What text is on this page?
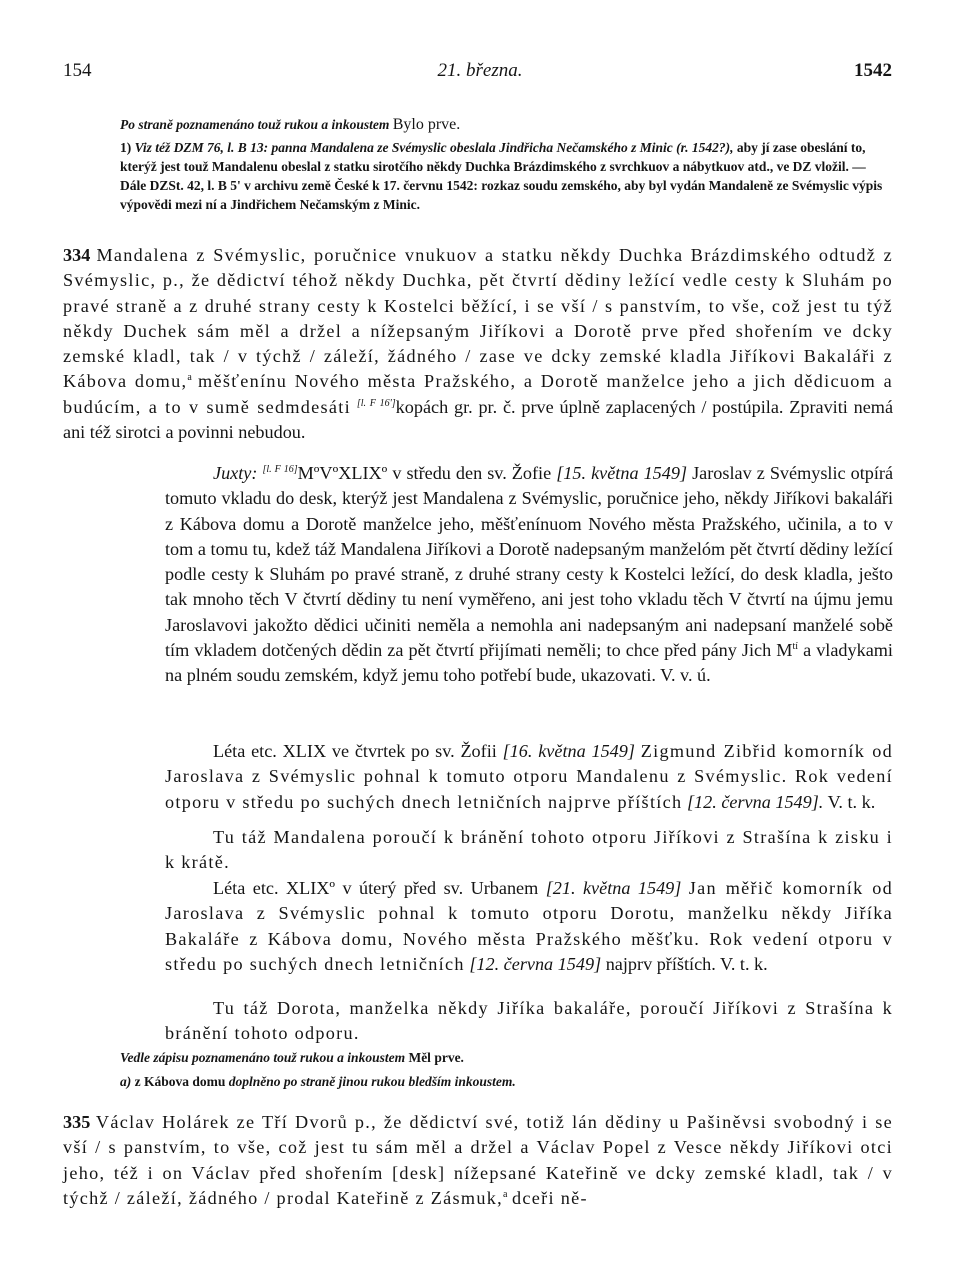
154	21. března.	1542
Po straně poznamenáno touž rukou a inkoustem Bylo prve.
1) Viz též DZM 76, l. B 13: panna Mandalena ze Svémyslic obeslala Jindřicha Nečamského z Minic (r. 1542?), aby jí zase obeslání to, kterýž jest touž Mandalenu obeslal z statku sirotčího někdy Duchka Brázdimského z svrchkuov a nábytkuov atd., ve DZ vložil. — Dále DZSt. 42, l. B 5' v archivu země České k 17. červnu 1542: rozkaz soudu zemského, aby byl vydán Mandaleně ze Svémyslic výpis výpovědi mezi ní a Jindřichem Nečamským z Minic.
334 Mandalena z Svémyslic, poručnice vnukuov a statku někdy Duchka Brázdimského odtudž z Svémyslic, p., že dědictví téhož někdy Duchka, pět čtvrtí dědiny ležící vedle cesty k Sluhám po pravé straně a z druhé strany cesty k Kostelci běžící, i se vší / s panstvím, to vše, což jest tu týž někdy Duchek sám měl a držel a nížepsaným Jiříkovi a Dorotě prve před shořením ve dcky zemské kladl, tak / v týchž / záleží, žádného / zase ve dcky zemské kladla Jiříkovi Bakaláři z Kábova domu,$^a$ měšťenínu Nového města Pražského, a Dorotě manželce jeho a jich dědicuom a budúcím, a to v sumě sedmdesáti [l. F 16']kopách gr. pr. č. prve úplně zaplacených / postúpila. Zpraviti nemá ani též sirotci a povinni nebudou.
Juxty: [l. F 16]MºVºXLIXº v středu den sv. Žofie [15. května 1549] Jaroslav z Svémyslic otpírá tomuto vkladu do desk, kterýž jest Mandalena z Svémyslic, poručnice jeho, někdy Jiříkovi bakaláři z Kábova domu a Dorotě manželce jeho, měšťenínuom Nového města Pražského, učinila, a to v tom a tomu tu, kdež táž Mandalena Jiříkovi a Dorotě nadepsaným manželóm pět čtvrtí dědiny ležící podle cesty k Sluhám po pravé straně, z druhé strany cesty k Kostelci ležící, do desk kladla, ješto tak mnoho těch V čtvrtí dědiny tu není vyměřeno, ani jest toho vkladu těch V čtvrtí na újmu jemu Jaroslavovi jakožto dědici učiniti neměla a nemohla ani nadepsaným ani nadepsaní manželé sobě tím vkladem dotčených dědin za pět čtvrtí přijímati neměli; to chce před pány Jich $M^{tí}$ a vladykami na plném soudu zemském, když jemu toho potřebí bude, ukazovati. V. v. ú.
Léta etc. XLIX ve čtvrtek po sv. Žofii [16. května 1549] Zigmund Zibřid komorník od Jaroslava z Svémyslic pohnal k tomuto otporu Mandalenu z Svémyslic. Rok vedení otporu v středu po suchých dnech letničních najprve příštích [12. června 1549]. V. t. k.
Tu táž Mandalena poroučí k bránění tohoto otporu Jiříkovi z Strašína k zisku i k krátě.
Léta etc. XLIXº v úterý před sv. Urbanem [21. května 1549] Jan měřič komorník od Jaroslava z Svémyslic pohnal k tomuto otporu Dorotu, manželku někdy Jiříka Bakaláře z Kábova domu, Nového města Pražského měšťku. Rok vedení otporu v středu po suchých dnech letničních [12. června 1549] najprv příštích. V. t. k.
Tu táž Dorota, manželka někdy Jiříka bakaláře, poroučí Jiříkovi z Strašína k bránění tohoto odporu.
Vedle zápisu poznamenáno touž rukou a inkoustem Měl prve.
a) z Kábova domu doplněno po straně jinou rukou bledším inkoustem.
335 Václav Holárek ze Tří Dvorů p., že dědictví své, totiž lán dědiny u Pašiněvsi svobodný i se vší / s panstvím, to vše, což jest tu sám měl a držel a Václav Popel z Vesce někdy Jiříkovi otci jeho, též i on Václav před shořením [desk] nížepsané Kateřině ve dcky zemské kladl, tak / v týchž / záleží, žádného / prodal Kateřině z Zásmuk,$^a$ dceři ně-
